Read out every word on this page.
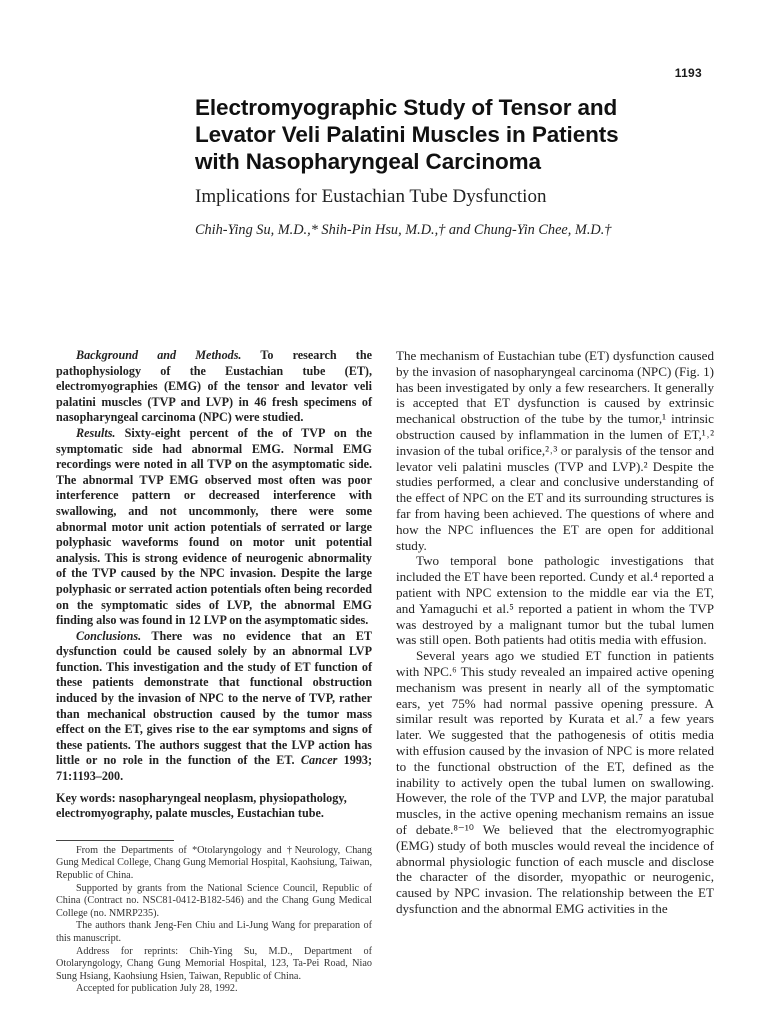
1193
Electromyographic Study of Tensor and
Levator Veli Palatini Muscles in Patients
with Nasopharyngeal Carcinoma
Implications for Eustachian Tube Dysfunction
Chih-Ying Su, M.D.,* Shih-Pin Hsu, M.D.,† and Chung-Yin Chee, M.D.†

Background and Methods. To research the pathophysiology of the Eustachian tube (ET), electromyographies (EMG) of the tensor and levator veli palatini muscles (TVP and LVP) in 46 fresh specimens of nasopharyngeal carcinoma (NPC) were studied.

Results. Sixty-eight percent of the of TVP on the symptomatic side had abnormal EMG. Normal EMG recordings were noted in all TVP on the asymptomatic side. The abnormal TVP EMG observed most often was poor interference pattern or decreased interference with swallowing, and not uncommonly, there were some abnormal motor unit action potentials of serrated or large polyphasic waveforms found on motor unit potential analysis. This is strong evidence of neurogenic abnormality of the TVP caused by the NPC invasion. Despite the large polyphasic or serrated action potentials often being recorded on the symptomatic sides of LVP, the abnormal EMG finding also was found in 12 LVP on the asymptomatic sides.

Conclusions. There was no evidence that an ET dysfunction could be caused solely by an abnormal LVP function. This investigation and the study of ET function of these patients demonstrate that functional obstruction induced by the invasion of NPC to the nerve of TVP, rather than mechanical obstruction caused by the tumor mass effect on the ET, gives rise to the ear symptoms and signs of these patients. The authors suggest that the LVP action has little or no role in the function of the ET. Cancer 1993; 71:1193–200.

Key words: nasopharyngeal neoplasm, physiopathology, electromyography, palate muscles, Eustachian tube.

From the Departments of *Otolaryngology and †Neurology, Chang Gung Medical College, Chang Gung Memorial Hospital, Kaohsiung, Taiwan, Republic of China.

Supported by grants from the National Science Council, Republic of China (Contract no. NSC81-0412-B182-546) and the Chang Gung Medical College (no. NMRP235).

The authors thank Jeng-Fen Chiu and Li-Jung Wang for preparation of this manuscript.

Address for reprints: Chih-Ying Su, M.D., Department of Otolaryngology, Chang Gung Memorial Hospital, 123, Ta-Pei Road, Niao Sung Hsiang, Kaohsiung Hsien, Taiwan, Republic of China.

Accepted for publication July 28, 1992.

The mechanism of Eustachian tube (ET) dysfunction caused by the invasion of nasopharyngeal carcinoma (NPC) (Fig. 1) has been investigated by only a few researchers. It generally is accepted that ET dysfunction is caused by extrinsic mechanical obstruction of the tube by the tumor,¹ intrinsic obstruction caused by inflammation in the lumen of ET,¹˒² invasion of the tubal orifice,²˒³ or paralysis of the tensor and levator veli palatini muscles (TVP and LVP).² Despite the studies performed, a clear and conclusive understanding of the effect of NPC on the ET and its surrounding structures is far from having been achieved. The questions of where and how the NPC influences the ET are open for additional study.

Two temporal bone pathologic investigations that included the ET have been reported. Cundy et al.⁴ reported a patient with NPC extension to the middle ear via the ET, and Yamaguchi et al.⁵ reported a patient in whom the TVP was destroyed by a malignant tumor but the tubal lumen was still open. Both patients had otitis media with effusion.

Several years ago we studied ET function in patients with NPC.⁶ This study revealed an impaired active opening mechanism was present in nearly all of the symptomatic ears, yet 75% had normal passive opening pressure. A similar result was reported by Kurata et al.⁷ a few years later. We suggested that the pathogenesis of otitis media with effusion caused by the invasion of NPC is more related to the functional obstruction of the ET, defined as the inability to actively open the tubal lumen on swallowing. However, the role of the TVP and LVP, the major paratubal muscles, in the active opening mechanism remains an issue of debate.⁸⁻¹⁰ We believed that the electromyographic (EMG) study of both muscles would reveal the incidence of abnormal physiologic function of each muscle and disclose the character of the disorder, myopathic or neurogenic, caused by NPC invasion. The relationship between the ET dysfunction and the abnormal EMG activities in the
